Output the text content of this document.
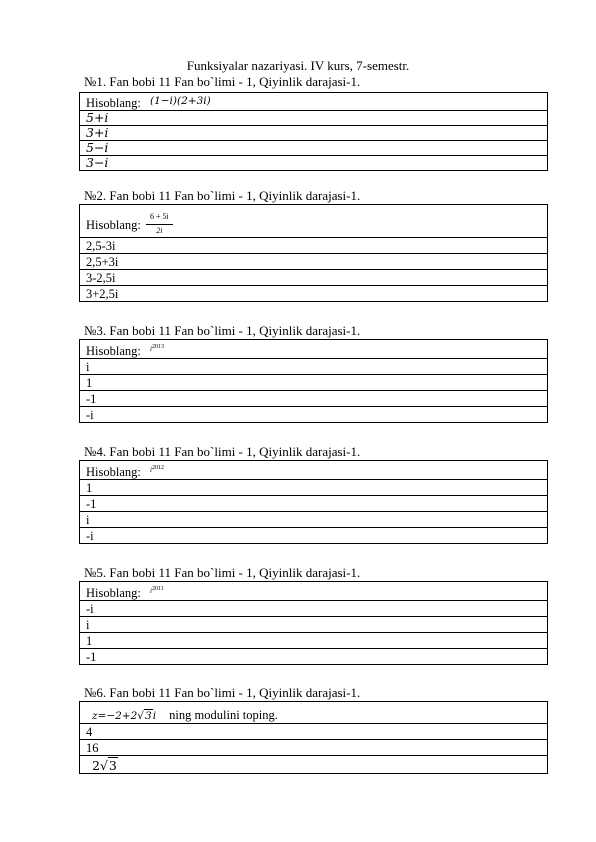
Funksiyalar nazariyasi. IV kurs, 7-semestr.
№1. Fan bobi 11 Fan bo`limi - 1, Qiyinlik darajasi-1.
Hisoblang: $^{(1-i)(2+3i)}$
5+i
3+i
5−i
3−i
№2. Fan bobi 11 Fan bo`limi - 1, Qiyinlik darajasi-1.
Hisoblang: $\frac{6 + 5i}{2i}$

2,5-3i
2,5+3i
3-2,5i
3+2,5i
№3. Fan bobi 11 Fan bo`limi - 1, Qiyinlik darajasi-1.
Hisoblang: $^{i2013}$
i
1
-1
-i
№4. Fan bobi 11 Fan bo`limi - 1, Qiyinlik darajasi-1.
Hisoblang: $^{i2012}$
1
-1
i
-i
№5. Fan bobi 11 Fan bo`limi - 1, Qiyinlik darajasi-1.
Hisoblang: $^{i2011}$
-i
i
1
-1
№6. Fan bobi 11 Fan bo`limi - 1, Qiyinlik darajasi-1.
z=−2+2√3i ning modulini toping.
4
16
2√3
